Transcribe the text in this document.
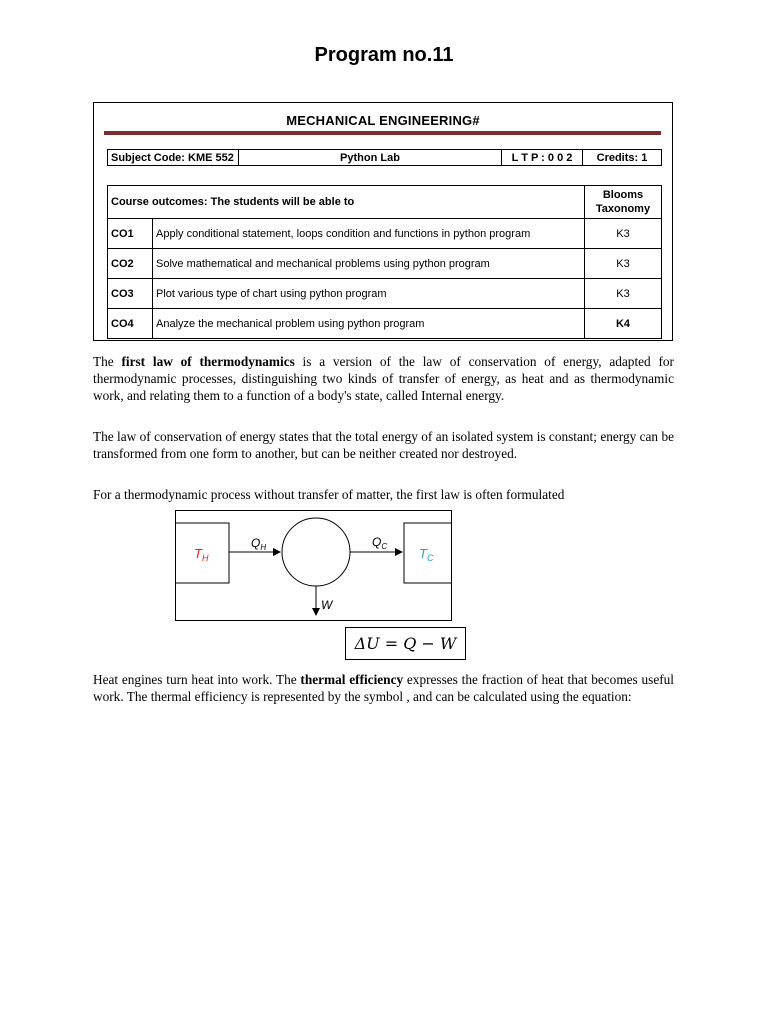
Program no.11
MECHANICAL ENGINEERING#
Subject Code: KME 552	Python Lab	L T P : 0 0 2	Credits: 1
Course outcomes: The students will be able to		Blooms Taxonomy
CO1	Apply conditional statement, loops condition and functions in python program	K3
CO2	Solve mathematical and mechanical problems using python program	K3
CO3	Plot various type of chart using python program	K3
CO4	Analyze the mechanical problem using python program	K4

The first law of thermodynamics is a version of the law of conservation of energy, adapted for thermodynamic processes, distinguishing two kinds of transfer of energy, as heat and as thermodynamic work, and relating them to a function of a body's state, called Internal energy.

The law of conservation of energy states that the total energy of an isolated system is constant; energy can be transformed from one form to another, but can be neither created nor destroyed.

For a thermodynamic process without transfer of matter, the first law is often formulated

$T_H$	$T_C$
$Q_H$	$Q_C$
W
ΔU = Q − W

Heat engines turn heat into work. The thermal efficiency expresses the fraction of heat that becomes useful work. The thermal efficiency is represented by the symbol , and can be calculated using the equation:
